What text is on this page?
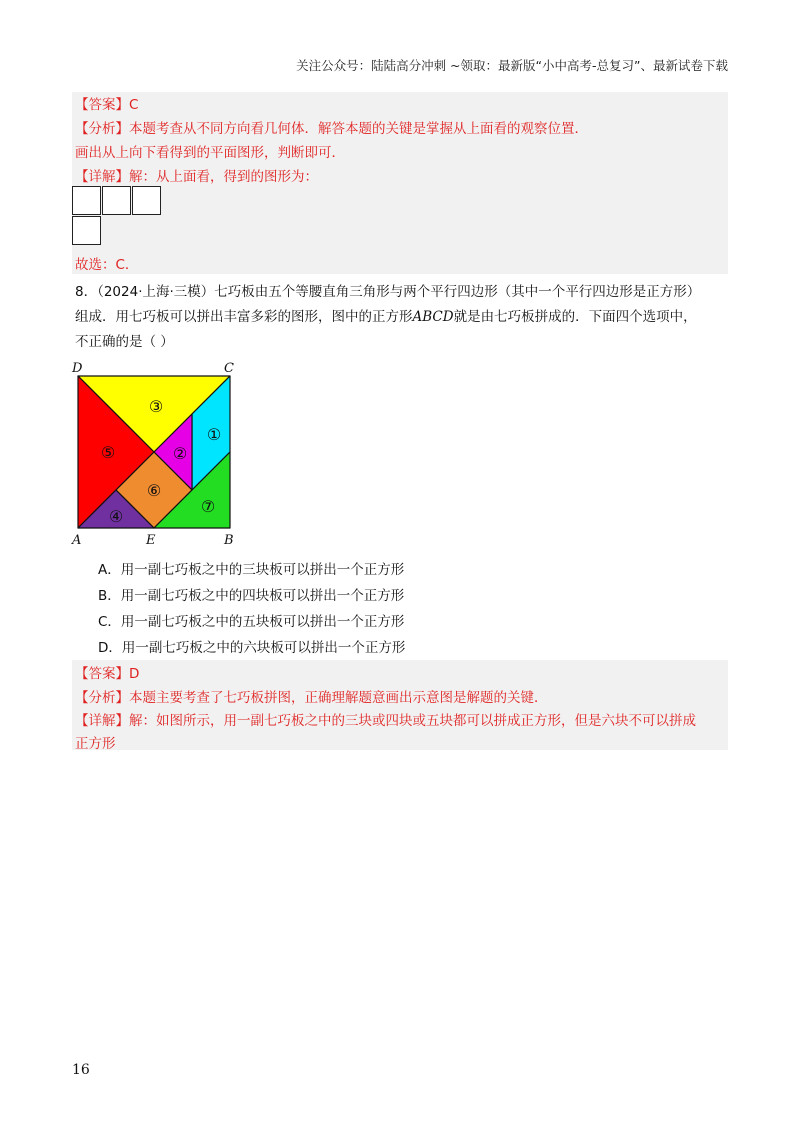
关注公众号：陆陆高分冲刺 ~领取：最新版“小中高考-总复习”、最新试卷下载
【答案】C
【分析】本题考查从不同方向看几何体．解答本题的关键是掌握从上面看的观察位置．
画出从上向下看得到的平面图形，判断即可．
【详解】解：从上面看，得到的图形为：
故选：C．
8．（2024·上海·三模）七巧板由五个等腰直角三角形与两个平行四边形（其中一个平行四边形是正方形）
组成．用七巧板可以拼出丰富多彩的图形，图中的正方形ABCD就是由七巧板拼成的．下面四个选项中，
不正确的是（ ）
③
⑤
①
②
⑥
④
⑦
D	C
A	E	B
A．用一副七巧板之中的三块板可以拼出一个正方形
B．用一副七巧板之中的四块板可以拼出一个正方形
C．用一副七巧板之中的五块板可以拼出一个正方形
D．用一副七巧板之中的六块板可以拼出一个正方形
【答案】D
【分析】本题主要考查了七巧板拼图，正确理解题意画出示意图是解题的关键．
【详解】解：如图所示，用一副七巧板之中的三块或四块或五块都可以拼成正方形，但是六块不可以拼成
正方形
16
